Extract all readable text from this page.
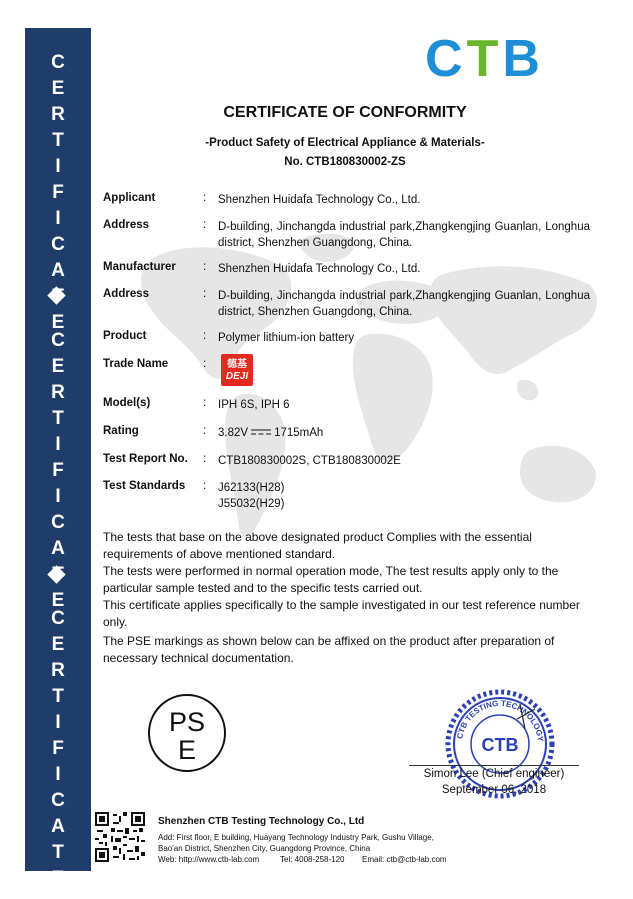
C
E
R
T
I
F
I
C
A
E
C
E
R
T
I
F
I
C
A
E
C
E
R
T
I
F
I
C
A
T
E
CTB
CERTIFICATE OF CONFORMITY
-Product Safety of Electrical Appliance & Materials-
No. CTB180830002-ZS
Applicant	: Shenzhen Huidafa Technology Co., Ltd.
Address	: D-building, Jinchangda industrial park,Zhangkengjing Guanlan, Longhua district, Shenzhen Guangdong, China.
Manufacturer : Shenzhen Huidafa Technology Co., Ltd.
Address	: D-building, Jinchangda industrial park,Zhangkengjing Guanlan, Longhua district, Shenzhen Guangdong, China.
Product	: Polymer lithium-ion battery
Trade Name	: 德基
DEJI
Model(s)	: IPH 6S, IPH 6
Rating	: 3.82V 1715mAh
Test Report No. : CTB180830002S, CTB180830002E
Test Standards : J62133(H28)
J55032(H29)
The tests that base on the above designated product Complies with the essential requirements of above mentioned standard.
The tests were performed in normal operation mode, The test results apply only to the particular sample tested and to the specific tests carried out.
This certificate applies specifically to the sample investigated in our test reference number only.
The PSE markings as shown below can be affixed on the product after preparation of necessary technical documentation.
PS
E	CTB TESTING TECHNOLOGY
CTB
Simon Lee (Chief engineer)
September 06, 2018
Shenzhen CTB Testing Technology Co., Ltd
Add: First floor, E building, Huayang Technology Industry Park, Gushu Village,
Bao'an District, Shenzhen City, Guangdong Province, China
Web: http://www.ctb-lab.com	Tel: 4008-258-120 Email: ctb@ctb-lab.com
